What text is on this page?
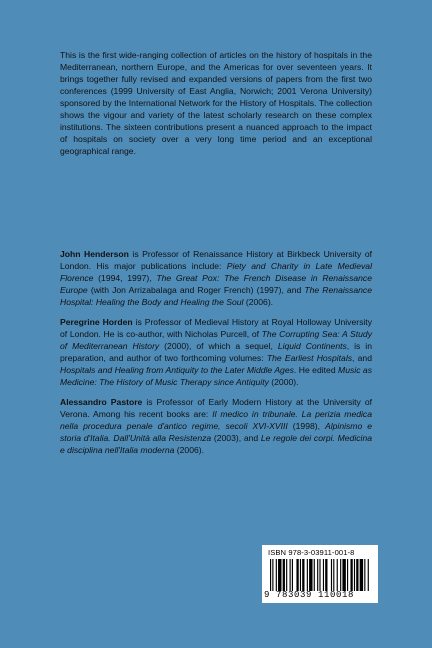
This is the first wide-ranging collection of articles on the history of hospitals in the Mediterranean, northern Europe, and the Americas for over seventeen years. It brings together fully revised and expanded versions of papers from the first two conferences (1999 University of East Anglia, Norwich; 2001 Verona University) sponsored by the International Network for the History of Hospitals. The collection shows the vigour and variety of the latest scholarly research on these complex institutions. The sixteen contributions present a nuanced approach to the impact of hospitals on society over a very long time period and an exceptional geographical range.

John Henderson is Professor of Renaissance History at Birkbeck University of London. His major publications include: Piety and Charity in Late Medieval Florence (1994, 1997), The Great Pox: The French Disease in Renaissance Europe (with Jon Arrizabalaga and Roger French) (1997), and The Renaissance Hospital: Healing the Body and Healing the Soul (2006).

Peregrine Horden is Professor of Medieval History at Royal Holloway University of London. He is co-author, with Nicholas Purcell, of The Corrupting Sea: A Study of Mediterranean History (2000), of which a sequel, Liquid Continents, is in preparation, and author of two forthcoming volumes: The Earliest Hospitals, and Hospitals and Healing from Antiquity to the Later Middle Ages. He edited Music as Medicine: The History of Music Therapy since Antiquity (2000).

Alessandro Pastore is Professor of Early Modern History at the University of Verona. Among his recent books are: Il medico in tribunale. La perizia medica nella procedura penale d'antico regime, secoli XVI-XVIII (1998), Alpinismo e storia d'Italia. Dall'Unità alla Resistenza (2003), and Le regole dei corpi. Medicina e disciplina nell'Italia moderna (2006).

ISBN 978-3-03911-001-8
9 783039 110018
